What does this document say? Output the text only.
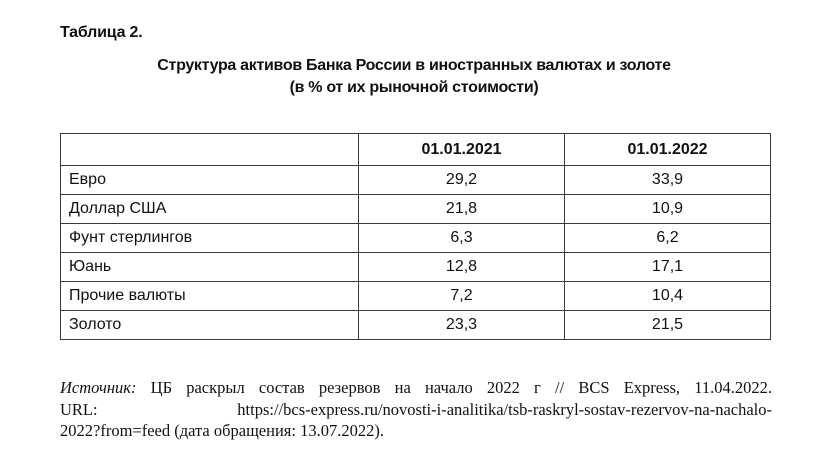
Таблица 2.
Структура активов Банка России в иностранных валютах и золоте
(в % от их рыночной стоимости)
	01.01.2021	01.01.2022
Евро	29,2	33,9
Доллар США	21,8	10,9
Фунт стерлингов	6,3	6,2
Юань	12,8	17,1
Прочие валюты	7,2	10,4
Золото	23,3	21,5
Источник: ЦБ раскрыл состав резервов на начало 2022 г // BCS Express, 11.04.2022.
URL: https://bcs-express.ru/novosti-i-analitika/tsb-raskryl-sostav-rezervov-na-nachalo-
2022?from=feed (дата обращения: 13.07.2022).
